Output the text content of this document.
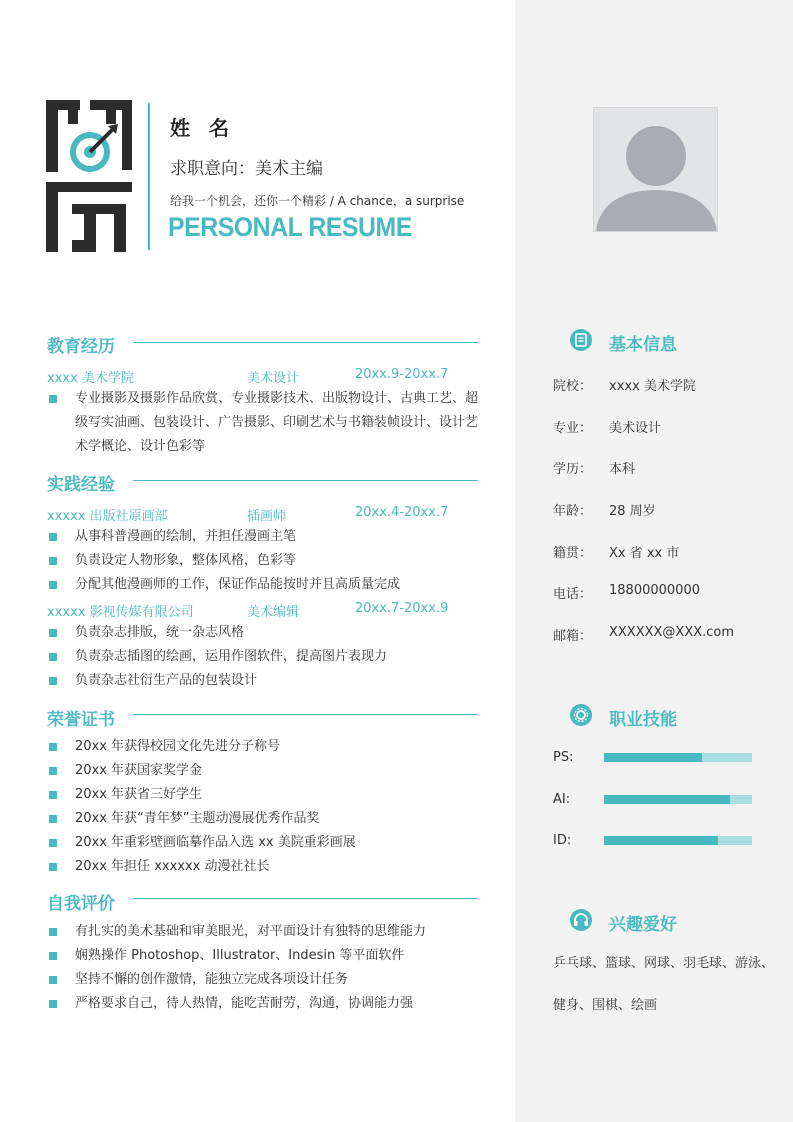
姓 名
求职意向：美术主编
给我一个机会，还你一个精彩 / A chance，a surprise
PERSONAL RESUME
教育经历
xxxx 美术学院	美术设计	20xx.9-20xx.7
专业摄影及摄影作品欣赏、专业摄影技术、出版物设计、古典工艺、超级写实油画、包装设计、广告摄影、印刷艺术与书籍装帧设计、设计艺术学概论、设计色彩等
实践经验
xxxxx 出版社原画部	插画师	20xx.4-20xx.7
从事科普漫画的绘制，并担任漫画主笔
负责设定人物形象，整体风格，色彩等
分配其他漫画师的工作，保证作品能按时并且高质量完成
xxxxx 影视传媒有限公司	美术编辑	20xx.7-20xx.9
负责杂志排版，统一杂志风格
负责杂志插图的绘画，运用作图软件，提高图片表现力
负责杂志社衍生产品的包装设计
荣誉证书
20xx 年获得校园文化先进分子称号
20xx 年获国家奖学金
20xx 年获省三好学生
20xx 年获“青年梦”主题动漫展优秀作品奖
20xx 年重彩壁画临摹作品入选 xx 美院重彩画展
20xx 年担任 xxxxxx 动漫社社长
自我评价
有扎实的美术基础和审美眼光，对平面设计有独特的思维能力
娴熟操作 Photoshop、Illustrator、Indesin 等平面软件
坚持不懈的创作激情，能独立完成各项设计任务
严格要求自己，待人热情，能吃苦耐劳，沟通，协调能力强
基本信息
院校： xxxx 美术学院
专业： 美术设计
学历： 本科
年龄： 28 周岁
籍贯： Xx 省 xx 市
电话： 18800000000
邮箱： XXXXXX@XXX.com
职业技能
PS:
AI:
ID:
兴趣爱好
乒乓球、篮球、网球、羽毛球、游泳、健身、围棋、绘画
